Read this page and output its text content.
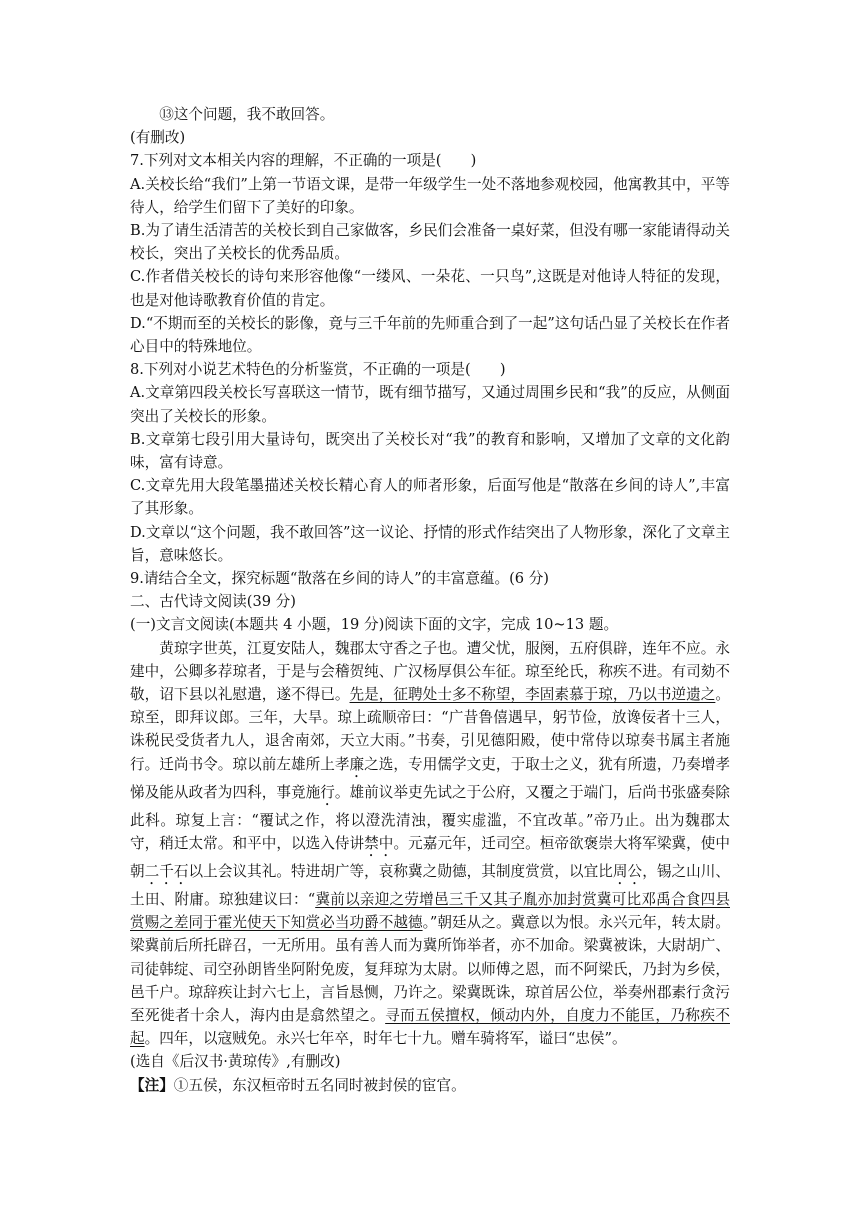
⑬这个问题，我不敢回答。

(有删改)

7.下列对文本相关内容的理解，不正确的一项是(　　)

A.关校长给“我们”上第一节语文课，是带一年级学生一处不落地参观校园，他寓教其中，平等待人，给学生们留下了美好的印象。

B.为了请生活清苦的关校长到自己家做客，乡民们会准备一桌好菜，但没有哪一家能请得动关校长，突出了关校长的优秀品质。

C.作者借关校长的诗句来形容他像“一缕风、一朵花、一只鸟”,这既是对他诗人特征的发现，也是对他诗歌教育价值的肯定。

D.“不期而至的关校长的影像，竟与三千年前的先师重合到了一起”这句话凸显了关校长在作者心目中的特殊地位。

8.下列对小说艺术特色的分析鉴赏，不正确的一项是(　　)

A.文章第四段关校长写喜联这一情节，既有细节描写，又通过周围乡民和“我”的反应，从侧面突出了关校长的形象。

B.文章第七段引用大量诗句，既突出了关校长对“我”的教育和影响，又增加了文章的文化韵味，富有诗意。

C.文章先用大段笔墨描述关校长精心育人的师者形象，后面写他是“散落在乡间的诗人”,丰富了其形象。

D.文章以“这个问题，我不敢回答”这一议论、抒情的形式作结突出了人物形象，深化了文章主旨，意味悠长。

9.请结合全文，探究标题“散落在乡间的诗人”的丰富意蕴。(6 分)

二、古代诗文阅读(39 分)

(一)文言文阅读(本题共 4 小题，19 分)阅读下面的文字，完成 10~13 题。

黄琼字世英，江夏安陆人，魏郡太守香之子也。遭父忧，服阕，五府俱辟，连年不应。永建中，公卿多荐琼者，于是与会稽贺纯、广汉杨厚俱公车征。琼至纶氏，称疾不进。有司劾不敬，诏下县以礼慰遣，遂不得已。先是，征聘处士多不称望，李固素慕于琼，乃以书逆遗之。琼至，即拜议郎。三年，大旱。琼上疏顺帝曰：“广昔鲁僖遇早，躬节俭，放谗佞者十三人，诛税民受货者九人，退舍南郊，天立大雨。”书奏，引见德阳殿，使中常侍以琼奏书属主者施行。迁尚书令。琼以前左雄所上孝廉之选，专用儒学文吏，于取士之义，犹有所遗，乃奏增孝悌及能从政者为四科，事竟施行。雄前议举吏先试之于公府，又覆之于端门，后尚书张盛奏除此科。琼复上言：“覆试之作，将以澄洗清浊，覆实虚滥，不宜改革。”帝乃止。出为魏郡太守，稍迁太常。和平中，以选入侍讲禁中。元嘉元年，迁司空。桓帝欲褒崇大将军梁冀，使中朝二千石以上会议其礼。特进胡广等，哀称冀之勋德，其制度赏赏，以宜比周公，锡之山川、土田、附庸。琼独建议曰：“冀前以亲迎之劳增邑三千又其子胤亦加封赏冀可比邓禹合食四县赏赐之差同于霍光使天下知赏必当功爵不越德。”朝廷从之。冀意以为恨。永兴元年，转太尉。梁冀前后所托辟召，一无所用。虽有善人而为冀所饰举者，亦不加命。梁冀被诛，大尉胡广、司徒韩绽、司空孙朗皆坐阿附免废，复拜琼为太尉。以师傅之恩，而不阿梁氏，乃封为乡侯，邑千户。琼辞疾让封六七上，言旨恳恻，乃许之。梁冀既诛，琼首居公位，举奏州郡素行贪污至死徙者十余人，海内由是翕然望之。寻而五侯擅权，倾动内外，自度力不能匡，乃称疾不起。四年，以寇贼免。永兴七年卒，时年七十九。赠车骑将军，谥曰“忠侯”。

(选自《后汉书·黄琼传》,有删改)

【注】①五侯，东汉桓帝时五名同时被封侯的宦官。
